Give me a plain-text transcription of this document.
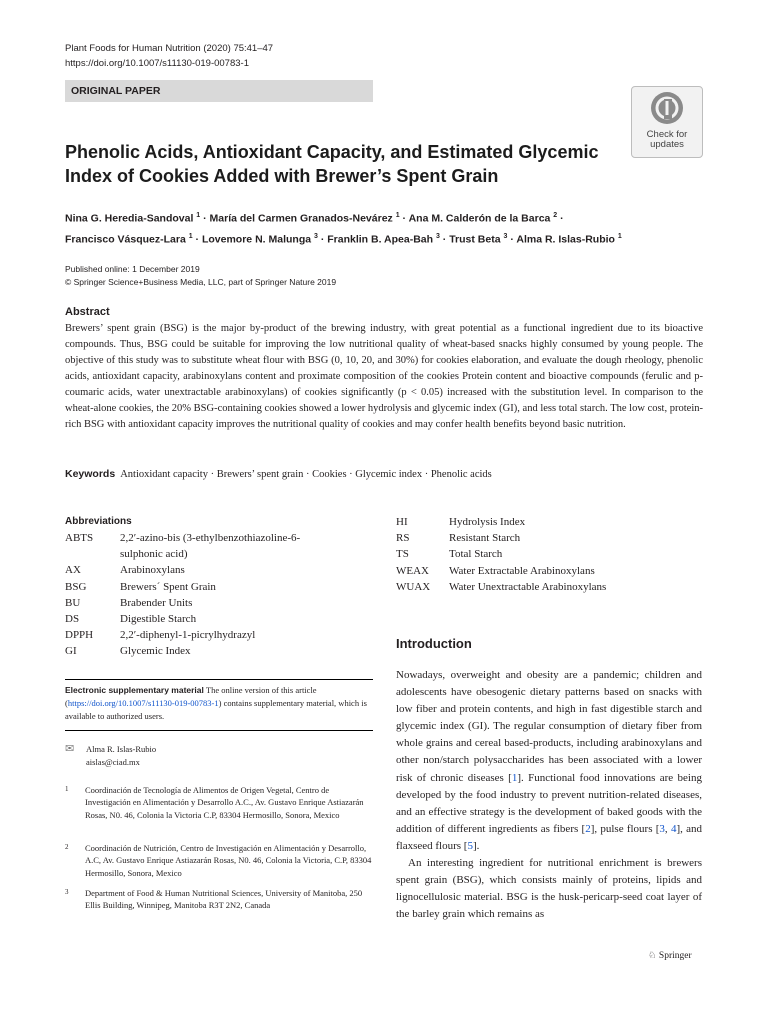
Plant Foods for Human Nutrition (2020) 75:41–47
https://doi.org/10.1007/s11130-019-00783-1
ORIGINAL PAPER
Check for
updates
Phenolic Acids, Antioxidant Capacity, and Estimated Glycemic Index of Cookies Added with Brewer’s Spent Grain
Nina G. Heredia-Sandoval $^1$ · María del Carmen Granados-Nevárez $^1$ · Ana M. Calderón de la Barca $^2$ ·
Francisco Vásquez-Lara $^1$ · Lovemore N. Malunga $^3$ · Franklin B. Apea-Bah $^3$ · Trust Beta $^3$ · Alma R. Islas-Rubio $^1$
Published online: 1 December 2019
© Springer Science+Business Media, LLC, part of Springer Nature 2019
Abstract
Brewers’ spent grain (BSG) is the major by-product of the brewing industry, with great potential as a functional ingredient due to its bioactive compounds. Thus, BSG could be suitable for improving the low nutritional quality of wheat-based snacks highly consumed by young people. The objective of this study was to substitute wheat flour with BSG (0, 10, 20, and 30%) for cookies elaboration, and evaluate the dough rheology, phenolic acids, antioxidant capacity, arabinoxylans content and proximate composition of the cookies Protein content and bioactive compounds (ferulic and p-coumaric acids, water unextractable arabinoxylans) of cookies significantly (p < 0.05) increased with the substitution level. In comparison to the wheat-alone cookies, the 20% BSG-containing cookies showed a lower hydrolysis and glycemic index (GI), and less total starch. The low cost, protein-rich BSG with antioxidant capacity improves the nutritional quality of cookies and may confer health benefits beyond basic nutrition.
Keywords Antioxidant capacity · Brewers’ spent grain · Cookies · Glycemic index · Phenolic acids
Abbreviations
ABTS	2,2′-azino-bis (3-ethylbenzothiazoline-6-sulphonic acid)
AX	Arabinoxylans
BSG	Brewers´ Spent Grain
BU	Brabender Units
DS	Digestible Starch
DPPH	2,2′-diphenyl-1-picrylhydrazyl
GI	Glycemic Index
HI	Hydrolysis Index
RS	Resistant Starch
TS	Total Starch
WEAX	Water Extractable Arabinoxylans
WUAX	Water Unextractable Arabinoxylans
Electronic supplementary material The online version of this article (https://doi.org/10.1007/s11130-019-00783-1) contains supplementary material, which is available to authorized users.
✉ Alma R. Islas-Rubio
aislas@ciad.mx
1 Coordinación de Tecnología de Alimentos de Origen Vegetal, Centro de Investigación en Alimentación y Desarrollo A.C., Av. Gustavo Enrique Astiazarán Rosas, N0. 46, Colonia la Victoria C.P, 83304 Hermosillo, Sonora, Mexico
2 Coordinación de Nutrición, Centro de Investigación en Alimentación y Desarrollo, A.C, Av. Gustavo Enrique Astiazarán Rosas, N0. 46, Colonia la Victoria, C.P, 83304 Hermosillo, Sonora, Mexico
3 Department of Food & Human Nutritional Sciences, University of Manitoba, 250 Ellis Building, Winnipeg, Manitoba R3T 2N2, Canada
Introduction

Nowadays, overweight and obesity are a pandemic; children and adolescents have obesogenic dietary patterns based on snacks with low fiber and protein contents, and high in fast digestible starch and glycemic index (GI). The regular consumption of dietary fiber from whole grains and cereal based-products, including arabinoxylans and other non/starch polysaccharides has been associated with a lower risk of chronic diseases [1]. Functional food innovations are being developed by the food industry to prevent nutrition-related diseases, and an effective strategy is the development of baked goods with the addition of different ingredients as fibers [2], pulse flours [3, 4], and flaxseed flours [5].

An interesting ingredient for nutritional enrichment is brewers spent grain (BSG), which consists mainly of proteins, lipids and lignocellulosic material. BSG is the husk-pericarp-seed coat layer of the barley grain which remains as

♘ Springer
